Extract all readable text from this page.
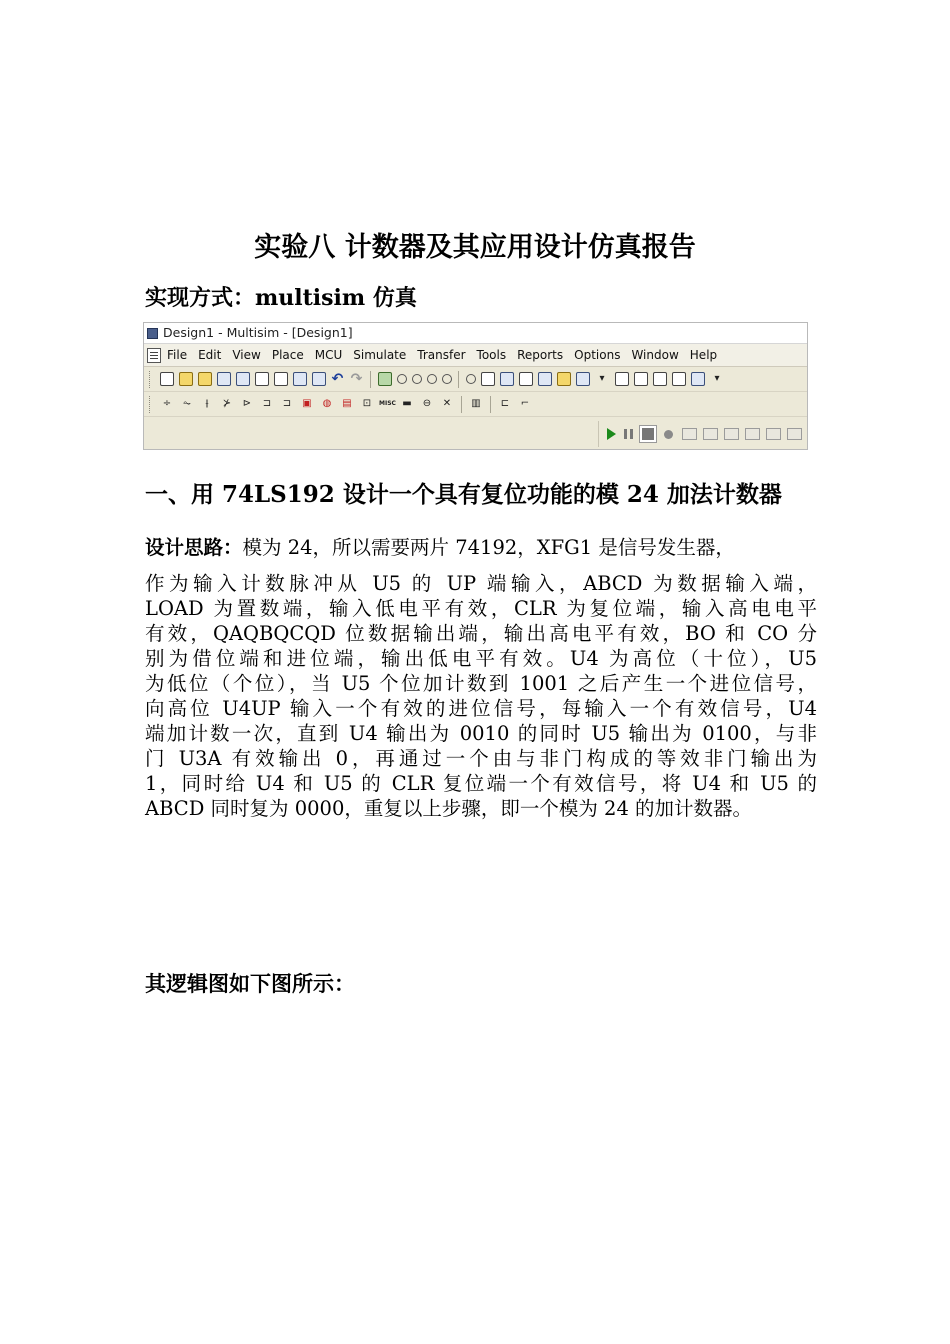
实验八 计数器及其应用设计仿真报告
实现方式：multisim 仿真
Design1 - Multisim - [Design1]
File Edit View Place MCU Simulate Transfer Tools Reports Options Window Help
↶ ↷	▾	▾
÷	⏦	⫲	⊁	⊳	⊐	⊐	▣	◍	▤	⊡	MISC ▬	⊖	✕	▥	⊏	⌐
一、用 74LS192 设计一个具有复位功能的模 24 加法计数器
设计思路：模为 24，所以需要两片 74192，XFG1 是信号发生器，
作为输入计数脉冲从 U5 的 UP 端输入，ABCD 为数据输入端，
LOAD 为置数端，输入低电平有效，CLR 为复位端，输入高电电平
有效，QAQBQCQD 位数据输出端，输出高电平有效，BO 和 CO 分
别为借位端和进位端，输出低电平有效。U4 为高位（十位），U5
为低位（个位），当 U5 个位加计数到 1001 之后产生一个进位信号，
向高位 U4UP 输入一个有效的进位信号，每输入一个有效信号，U4
端加计数一次，直到 U4 输出为 0010 的同时 U5 输出为 0100，与非
门 U3A 有效输出 0，再通过一个由与非门构成的等效非门输出为
1，同时给 U4 和 U5 的 CLR 复位端一个有效信号，将 U4 和 U5 的
ABCD 同时复为 0000，重复以上步骤，即一个模为 24 的加计数器。
其逻辑图如下图所示：
